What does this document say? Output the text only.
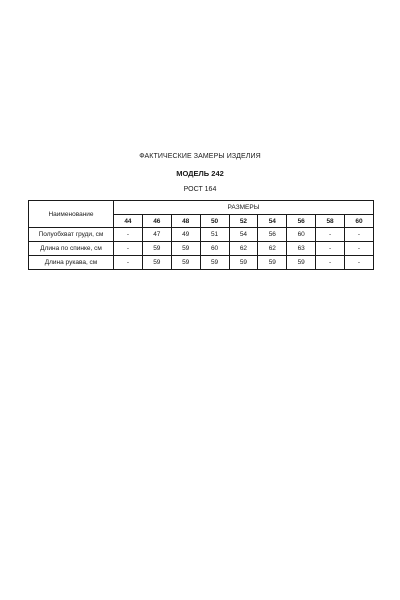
ФАКТИЧЕСКИЕ ЗАМЕРЫ ИЗДЕЛИЯ
МОДЕЛЬ 242
РОСТ 164
Наименование	РАЗМЕРЫ								
	44	46	48	50	52	54	56	58	60
Полуобхват груди, см	-	47	49	51	54	56	60	-	-
Длина по спинке, см	-	59	59	60	62	62	63	-	-
Длина рукава, см	-	59	59	59	59	59	59	-	-
